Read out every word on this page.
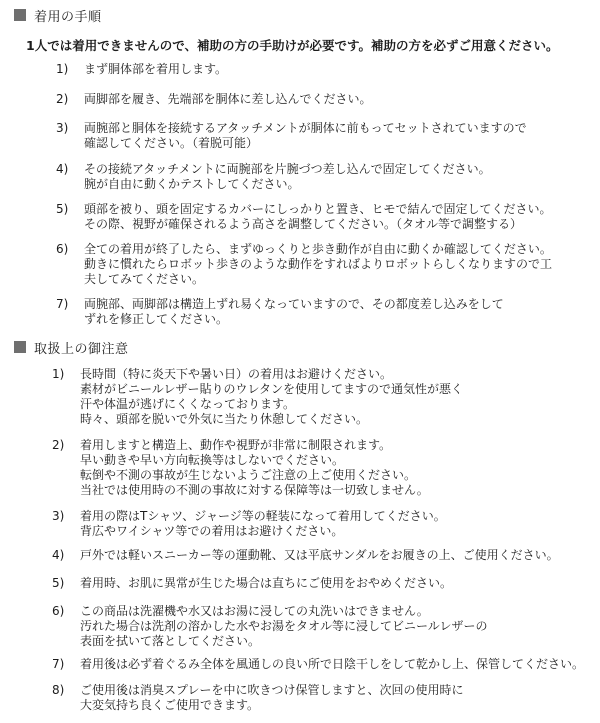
着用の手順
1人では着用できませんので、補助の方の手助けが必要です。補助の方を必ずご用意ください。
1) まず胴体部を着用します。
2) 両脚部を履き、先端部を胴体に差し込んでください。
3) 両腕部と胴体を接続するアタッチメントが胴体に前もってセットされていますので
確認してください。（着脱可能）
4) その接続アタッチメントに両腕部を片腕づつ差し込んで固定してください。
腕が自由に動くかテストしてください。
5) 頭部を被り、頭を固定するカバーにしっかりと置き、ヒモで結んで固定してください。
その際、視野が確保されるよう高さを調整してください。（タオル等で調整する）
6) 全ての着用が終了したら、まずゆっくりと歩き動作が自由に動くか確認してください。
動きに慣れたらロボット歩きのような動作をすればよりロボットらしくなりますので工
夫してみてください。
7) 両腕部、両脚部は構造上ずれ易くなっていますので、その都度差し込みをして
ずれを修正してください。
取扱上の御注意
1) 長時間（特に炎天下や暑い日）の着用はお避けください。
素材がビニールレザー貼りのウレタンを使用してますので通気性が悪く
汗や体温が逃げにくくなっております。
時々、頭部を脱いで外気に当たり休憩してください。
2) 着用しますと構造上、動作や視野が非常に制限されます。
早い動きや早い方向転換等はしないでください。
転倒や不測の事故が生じないようご注意の上ご使用ください。
当社では使用時の不測の事故に対する保障等は一切致しません。
3) 着用の際はTシャツ、ジャージ等の軽装になって着用してください。
背広やワイシャツ等での着用はお避けください。
4) 戸外では軽いスニーカー等の運動靴、又は平底サンダルをお履きの上、ご使用ください。
5) 着用時、お肌に異常が生じた場合は直ちにご使用をおやめください。
6) この商品は洗濯機や水又はお湯に浸しての丸洗いはできません。
汚れた場合は洗剤の溶かした水やお湯をタオル等に浸してビニールレザーの
表面を拭いて落としてください。
7) 着用後は必ず着ぐるみ全体を風通しの良い所で日陰干しをして乾かし上、保管してください。
8) ご使用後は消臭スプレーを中に吹きつけ保管しますと、次回の使用時に
大変気持ち良くご使用できます。
